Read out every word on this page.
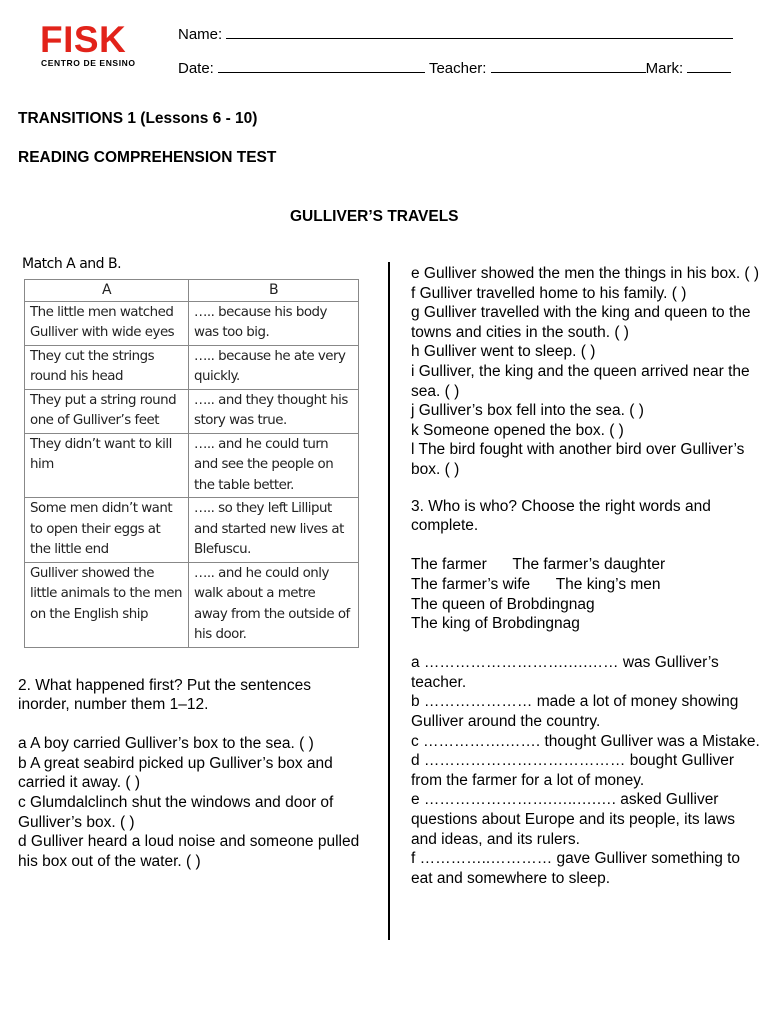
FISK
CENTRO DE ENSINO
Name:
Date:	Teacher:	Mark:
TRANSITIONS 1 (Lessons 6 - 10)
READING COMPREHENSION TEST
GULLIVER’S TRAVELS
Match A and B.
A	B
The little men watched Gulliver with wide eyes	….. because his body was too big.
They cut the strings round his head	….. because he ate very quickly.
They put a string round one of Gulliver’s feet	….. and they thought his story was true.
They didn’t want to kill him	….. and he could turn and see the people on the table better.
Some men didn’t want to open their eggs at the little end	….. so they left Lilliput and started new lives at Blefuscu.
Gulliver showed the little animals to the men on the English ship	….. and he could only walk about a metre away from the outside of his door.

2. What happened first? Put the sentences inorder, number them 1–12.

a A boy carried Gulliver’s box to the sea. ( )

b A great seabird picked up Gulliver’s box and carried it away. ( )

c Glumdalclinch shut the windows and door of Gulliver’s box. ( )

d Gulliver heard a loud noise and someone pulled his box out of the water. ( )

e Gulliver showed the men the things in his box. ( )

f Gulliver travelled home to his family. ( )

g Gulliver travelled with the king and queen to the towns and cities in the south. ( )

h Gulliver went to sleep. ( )

i Gulliver, the king and the queen arrived near the sea. ( )

j Gulliver’s box fell into the sea. ( )

k Someone opened the box. ( )

l The bird fought with another bird over Gulliver’s box. ( )

3. Who is who? Choose the right words and complete.

The farmer      The farmer’s daughter

The farmer’s wife      The king’s men

The queen of Brobdingnag

The king of Brobdingnag

a ……………………….….…… was Gulliver’s teacher.

b ………………… made a lot of money showing Gulliver around the country.

c …………….……. thought Gulliver was a Mistake.

d ………………………………… bought Gulliver from the farmer for a lot of money.

e …………………….…..….…. asked Gulliver questions about Europe and its people, its laws and ideas, and its rulers.

f …………..………… gave Gulliver something to eat and somewhere to sleep.
